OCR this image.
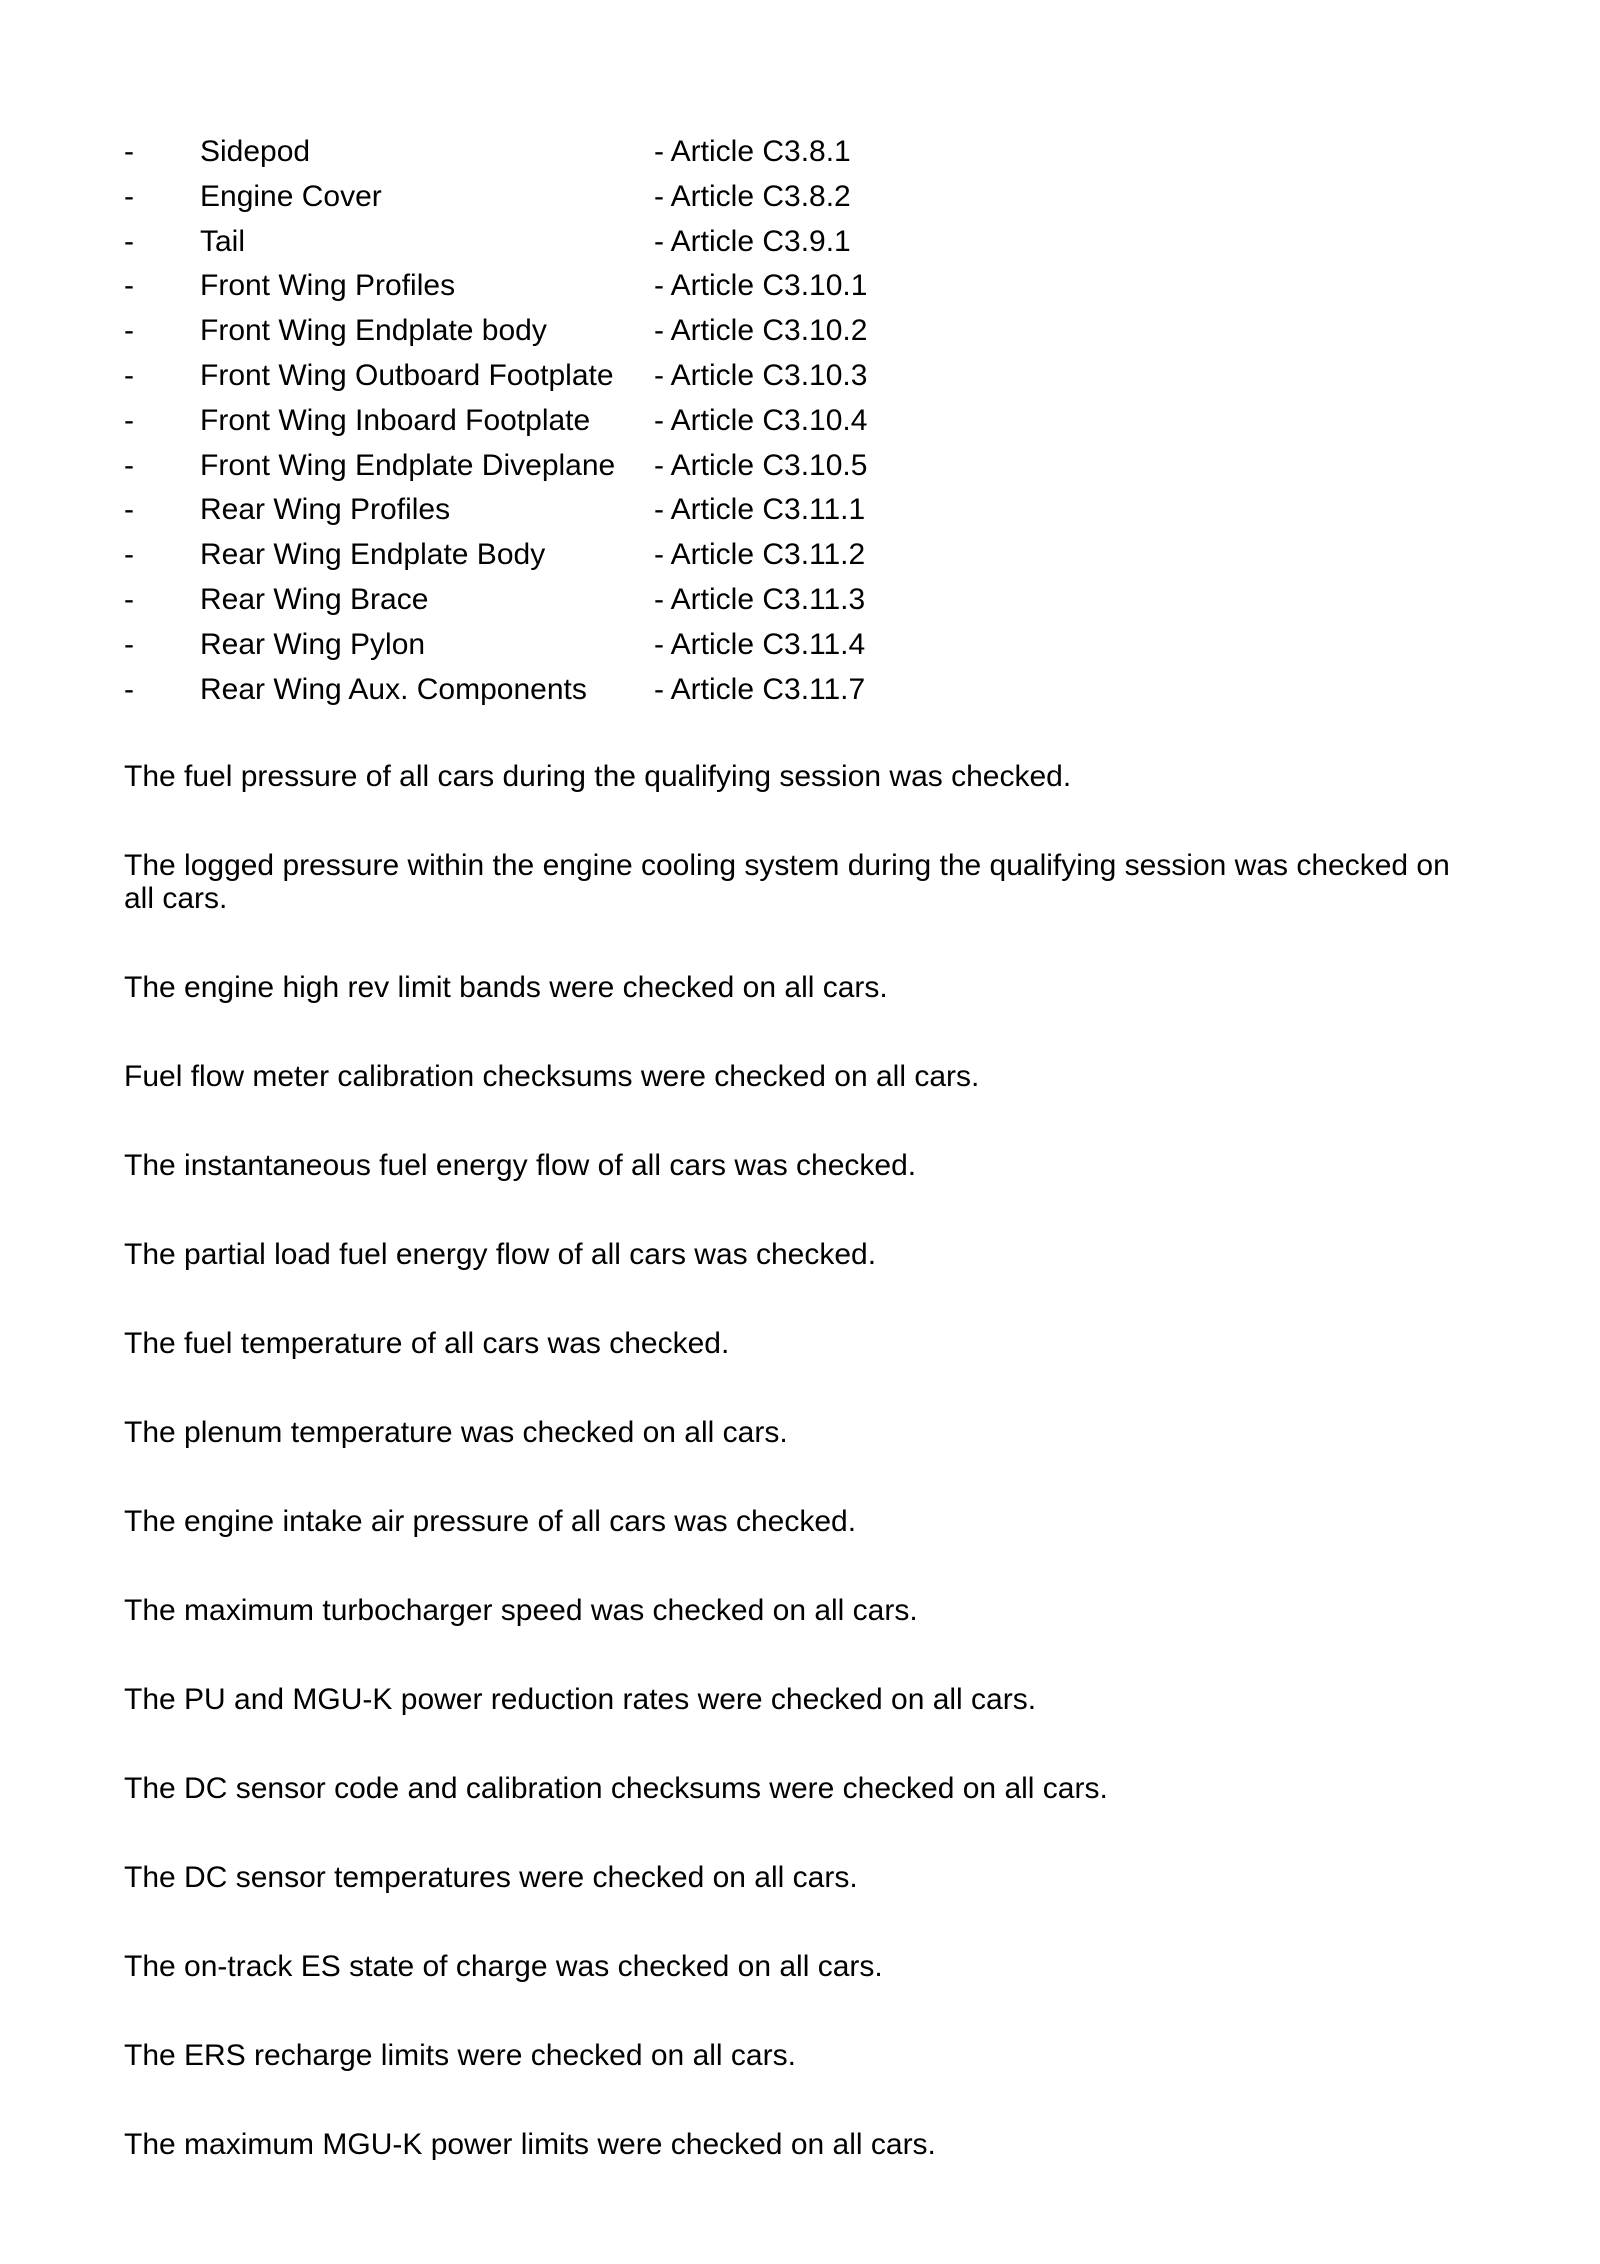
- Sidepod	- Article C3.8.1
- Engine Cover	- Article C3.8.2
- Tail	- Article C3.9.1
- Front Wing Profiles	- Article C3.10.1
- Front Wing Endplate body	- Article C3.10.2
- Front Wing Outboard Footplate - Article C3.10.3
- Front Wing Inboard Footplate - Article C3.10.4
- Front Wing Endplate Diveplane - Article C3.10.5
- Rear Wing Profiles	- Article C3.11.1
- Rear Wing Endplate Body	- Article C3.11.2
- Rear Wing Brace	- Article C3.11.3
- Rear Wing Pylon	- Article C3.11.4
- Rear Wing Aux. Components - Article C3.11.7

The fuel pressure of all cars during the qualifying session was checked.

The logged pressure within the engine cooling system during the qualifying session was checked on all cars.

The engine high rev limit bands were checked on all cars.

Fuel flow meter calibration checksums were checked on all cars.

The instantaneous fuel energy flow of all cars was checked.

The partial load fuel energy flow of all cars was checked.

The fuel temperature of all cars was checked.

The plenum temperature was checked on all cars.

The engine intake air pressure of all cars was checked.

The maximum turbocharger speed was checked on all cars.

The PU and MGU-K power reduction rates were checked on all cars.

The DC sensor code and calibration checksums were checked on all cars.

The DC sensor temperatures were checked on all cars.

The on-track ES state of charge was checked on all cars.

The ERS recharge limits were checked on all cars.

The maximum MGU-K power limits were checked on all cars.
